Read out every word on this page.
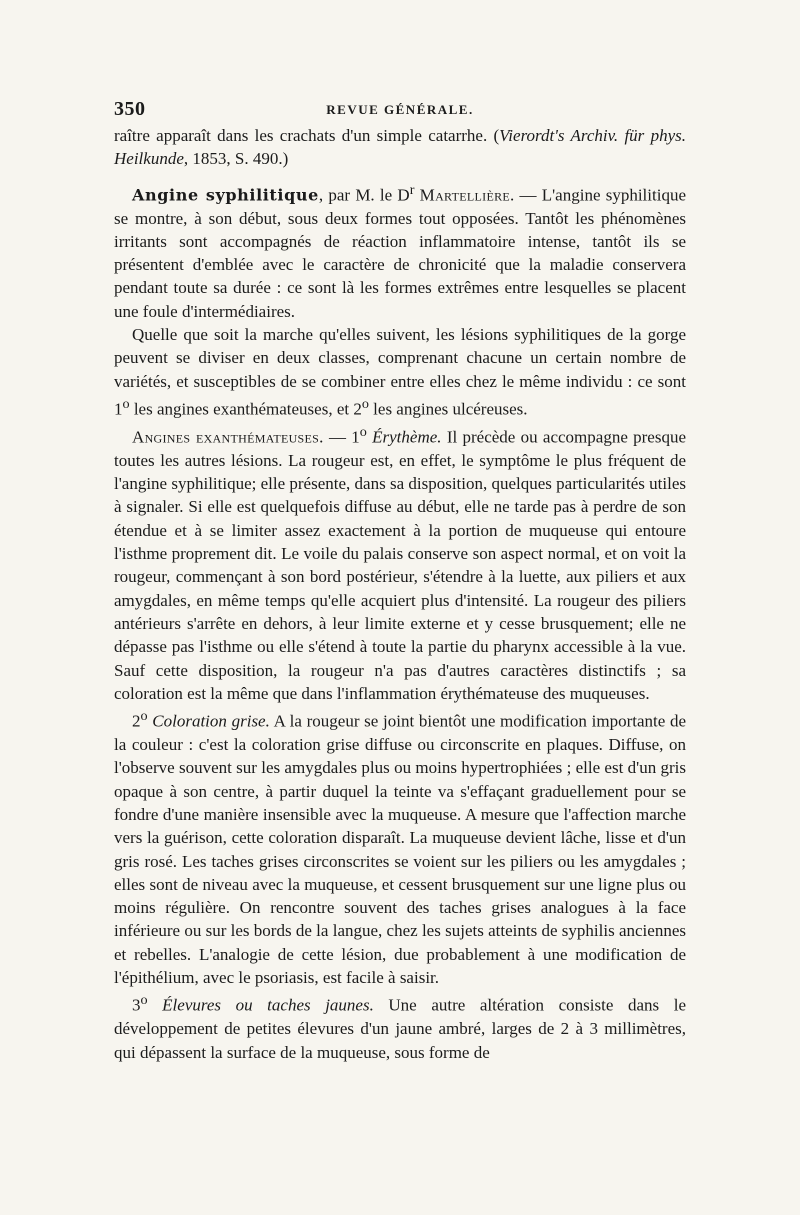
350	REVUE GÉNÉRALE.

raître apparaît dans les crachats d'un simple catarrhe. (Vierordt's Archiv. für phys. Heilkunde, 1853, S. 490.)

Angine syphilitique, par M. le $D^r$ Martellière. — L'angine syphilitique se montre, à son début, sous deux formes tout opposées. Tantôt les phénomènes irritants sont accompagnés de réaction inflammatoire intense, tantôt ils se présentent d'emblée avec le caractère de chronicité que la maladie conservera pendant toute sa durée : ce sont là les formes extrêmes entre lesquelles se placent une foule d'intermédiaires.

Quelle que soit la marche qu'elles suivent, les lésions syphilitiques de la gorge peuvent se diviser en deux classes, comprenant chacune un certain nombre de variétés, et susceptibles de se combiner entre elles chez le même individu : ce sont 1$^o$ les angines exanthémateuses, et 2$^o$ les angines ulcéreuses.

Angines exanthémateuses. — 1$^o$ Érythème. Il précède ou accompagne presque toutes les autres lésions. La rougeur est, en effet, le symptôme le plus fréquent de l'angine syphilitique; elle présente, dans sa disposition, quelques particularités utiles à signaler. Si elle est quelquefois diffuse au début, elle ne tarde pas à perdre de son étendue et à se limiter assez exactement à la portion de muqueuse qui entoure l'isthme proprement dit. Le voile du palais conserve son aspect normal, et on voit la rougeur, commençant à son bord postérieur, s'étendre à la luette, aux piliers et aux amygdales, en même temps qu'elle acquiert plus d'intensité. La rougeur des piliers antérieurs s'arrête en dehors, à leur limite externe et y cesse brusquement; elle ne dépasse pas l'isthme ou elle s'étend à toute la partie du pharynx accessible à la vue. Sauf cette disposition, la rougeur n'a pas d'autres caractères distinctifs ; sa coloration est la même que dans l'inflammation érythémateuse des muqueuses.

2$^o$ Coloration grise. A la rougeur se joint bientôt une modification importante de la couleur : c'est la coloration grise diffuse ou circonscrite en plaques. Diffuse, on l'observe souvent sur les amygdales plus ou moins hypertrophiées ; elle est d'un gris opaque à son centre, à partir duquel la teinte va s'effaçant graduellement pour se fondre d'une manière insensible avec la muqueuse. A mesure que l'affection marche vers la guérison, cette coloration disparaît. La muqueuse devient lâche, lisse et d'un gris rosé. Les taches grises circonscrites se voient sur les piliers ou les amygdales ; elles sont de niveau avec la muqueuse, et cessent brusquement sur une ligne plus ou moins régulière. On rencontre souvent des taches grises analogues à la face inférieure ou sur les bords de la langue, chez les sujets atteints de syphilis anciennes et rebelles. L'analogie de cette lésion, due probablement à une modification de l'épithélium, avec le psoriasis, est facile à saisir.

3$^o$ Élevures ou taches jaunes. Une autre altération consiste dans le développement de petites élevures d'un jaune ambré, larges de 2 à 3 millimètres, qui dépassent la surface de la muqueuse, sous forme de
